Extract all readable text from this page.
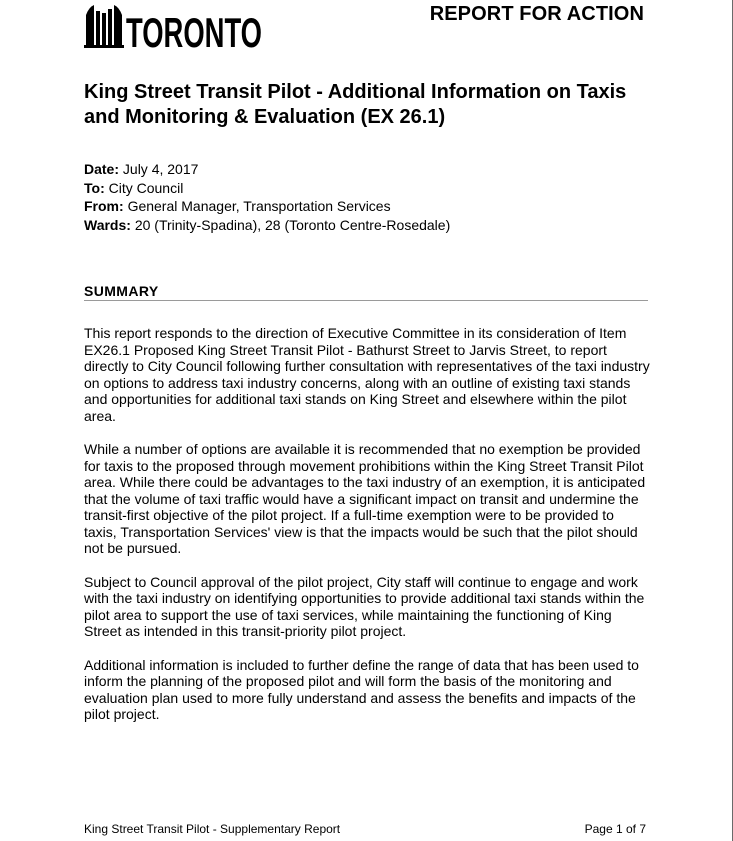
TORONTO	REPORT FOR ACTION
King Street Transit Pilot - Additional Information on Taxis and Monitoring & Evaluation (EX 26.1)
Date: July 4, 2017
To: City Council
From: General Manager, Transportation Services
Wards: 20 (Trinity-Spadina), 28 (Toronto Centre-Rosedale)
SUMMARY

This report responds to the direction of Executive Committee in its consideration of Item EX26.1 Proposed King Street Transit Pilot - Bathurst Street to Jarvis Street, to report directly to City Council following further consultation with representatives of the taxi industry on options to address taxi industry concerns, along with an outline of existing taxi stands and opportunities for additional taxi stands on King Street and elsewhere within the pilot area.

While a number of options are available it is recommended that no exemption be provided for taxis to the proposed through movement prohibitions within the King Street Transit Pilot area. While there could be advantages to the taxi industry of an exemption, it is anticipated that the volume of taxi traffic would have a significant impact on transit and undermine the transit-first objective of the pilot project. If a full-time exemption were to be provided to taxis, Transportation Services' view is that the impacts would be such that the pilot should not be pursued.

Subject to Council approval of the pilot project, City staff will continue to engage and work with the taxi industry on identifying opportunities to provide additional taxi stands within the pilot area to support the use of taxi services, while maintaining the functioning of King Street as intended in this transit-priority pilot project.

Additional information is included to further define the range of data that has been used to inform the planning of the proposed pilot and will form the basis of the monitoring and evaluation plan used to more fully understand and assess the benefits and impacts of the pilot project.

King Street Transit Pilot - Supplementary Report	Page 1 of 7
